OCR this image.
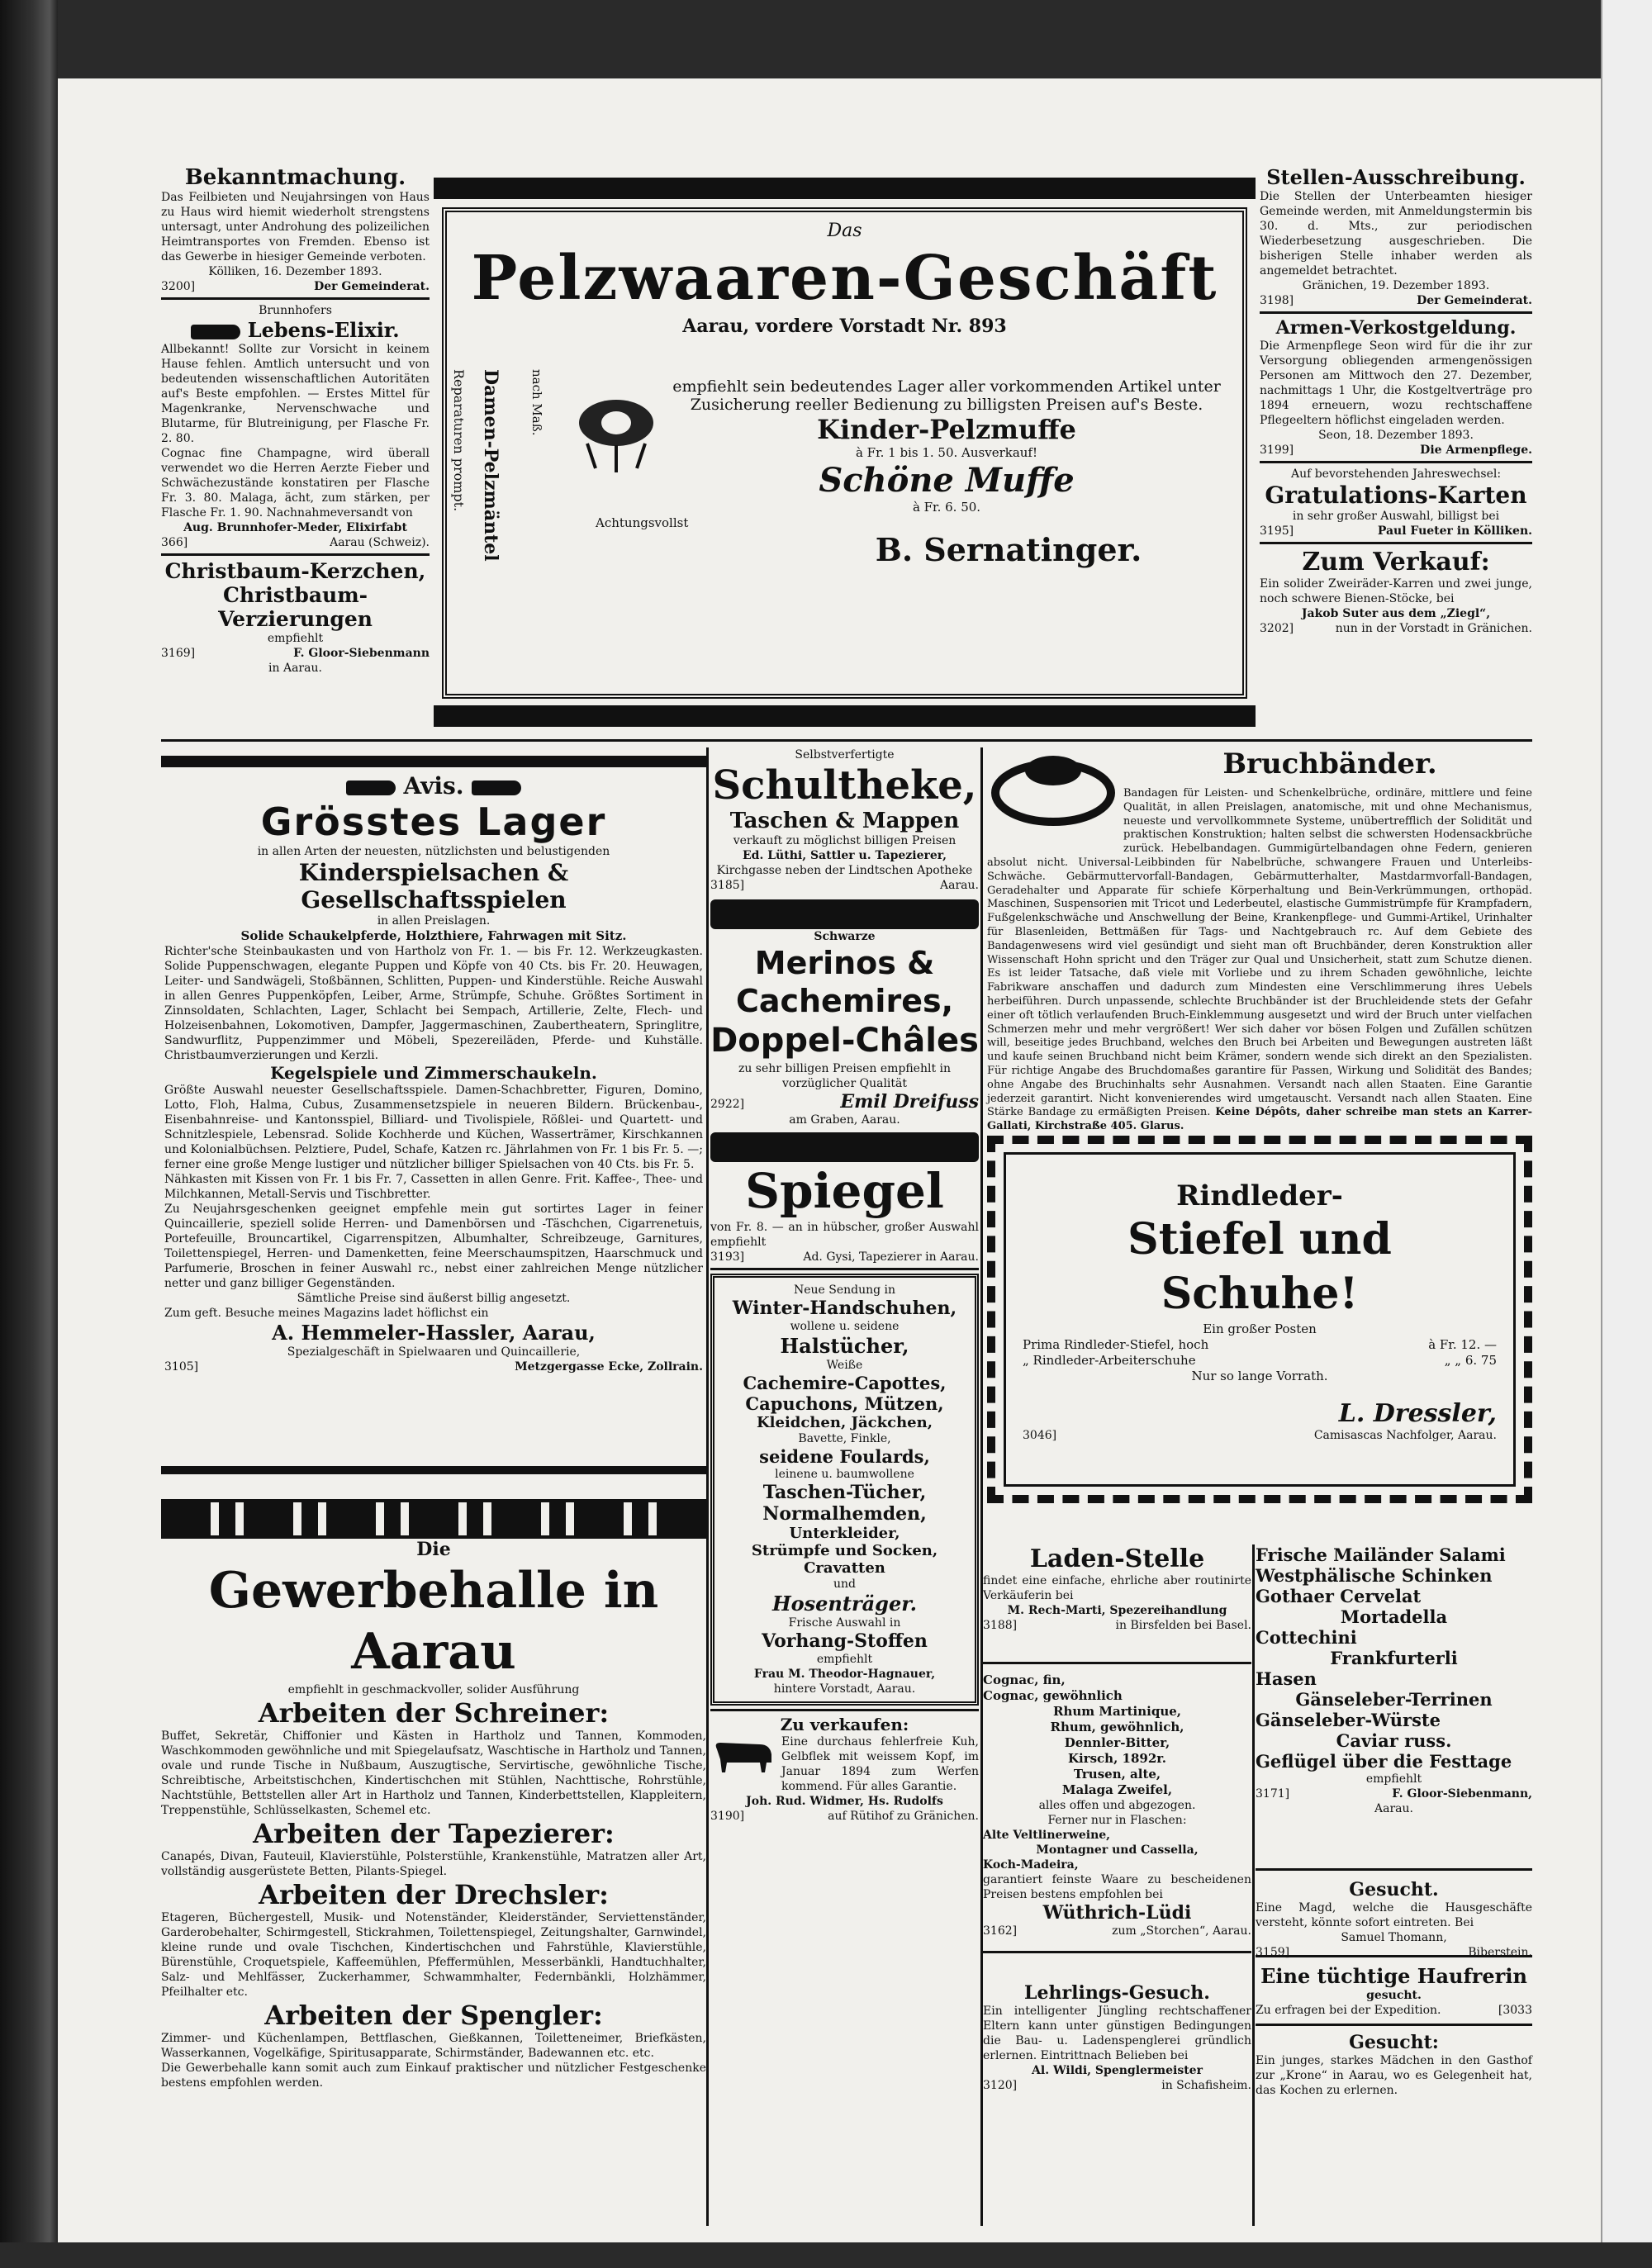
Bekanntmachung.
Das Feilbieten und Neujahrsingen von Haus zu Haus wird hiemit wiederholt strengstens untersagt, unter Androhung des polizeilichen Heimtransportes von Fremden. Ebenso ist das Gewerbe in hiesiger Gemeinde verboten.
Kölliken, 16. Dezember 1893.
3200]	Der Gemeinderat.
Brunnhofers
Lebens-Elixir.
Allbekannt! Sollte zur Vorsicht in keinem Hause fehlen. Amtlich untersucht und von bedeutenden wissenschaftlichen Autoritäten auf's Beste empfohlen. — Erstes Mittel für Magenkranke, Nervenschwache und Blutarme, für Blutreinigung, per Flasche Fr. 2. 80.
Cognac fine Champagne, wird überall verwendet wo die Herren Aerzte Fieber und Schwächezustände konstatiren per Flasche Fr. 3. 80. Malaga, ächt, zum stärken, per Flasche Fr. 1. 90. Nachnahmeversandt von
Aug. Brunnhofer-Meder, Elixirfabt
366]	Aarau (Schweiz).
Christbaum-Kerzchen,
Christbaum-Verzierungen
empfiehlt
3169]	F. Gloor-Siebenmann
in Aarau.
Das
Pelzwaaren-Geschäft
Aarau, vordere Vorstadt Nr. 893
Damen-Pelzmäntel
Reparaturen prompt.	nach Maß.	empfiehlt sein bedeutendes Lager aller vorkommenden Artikel unter Zusicherung reeller Bedienung zu billigsten Preisen auf's Beste.
Kinder-Pelzmuffe
à Fr. 1 bis 1. 50. Ausverkauf!
Schöne Muffe
à Fr. 6. 50.
Achtungsvollst
B. Sernatinger.
Stellen-Ausschreibung.
Die Stellen der Unterbeamten hiesiger Gemeinde werden, mit Anmeldungstermin bis 30. d. Mts., zur periodischen Wiederbesetzung ausgeschrieben. Die bisherigen Stelle inhaber werden als angemeldet betrachtet.
Gränichen, 19. Dezember 1893.
3198]	Der Gemeinderat.
Armen-Verkostgeldung.
Die Armenpflege Seon wird für die ihr zur Versorgung obliegenden armengenössigen Personen am Mittwoch den 27. Dezember, nachmittags 1 Uhr, die Kostgeltverträge pro 1894 erneuern, wozu rechtschaffene Pflegeeltern höflichst eingeladen werden.
Seon, 18. Dezember 1893.
3199]	Die Armenpflege.
Auf bevorstehenden Jahreswechsel:
Gratulations-Karten
in sehr großer Auswahl, billigst bei
3195]	Paul Fueter in Kölliken.
Zum Verkauf:
Ein solider Zweiräder-Karren und zwei junge, noch schwere Bienen-Stöcke, bei
Jakob Suter aus dem „Ziegl“,
3202]	nun in der Vorstadt in Gränichen.
Avis.
Grösstes Lager
in allen Arten der neuesten, nützlichsten und belustigenden
Kinderspielsachen & Gesellschaftsspielen
in allen Preislagen.
Solide Schaukelpferde, Holzthiere, Fahrwagen mit Sitz.
Richter'sche Steinbaukasten und von Hartholz von Fr. 1. — bis Fr. 12. Werkzeugkasten. Solide Puppenschwagen, elegante Puppen und Köpfe von 40 Cts. bis Fr. 20. Heuwagen, Leiter- und Sandwägeli, Stoßbännen, Schlitten, Puppen- und Kinderstühle. Reiche Auswahl in allen Genres Puppenköpfen, Leiber, Arme, Strümpfe, Schuhe. Größtes Sortiment in Zinnsoldaten, Schlachten, Lager, Schlacht bei Sempach, Artillerie, Zelte, Flech- und Holzeisenbahnen, Lokomotiven, Dampfer, Jaggermaschinen, Zaubertheatern, Springlitre, Sandwurflitz, Puppenzimmer und Möbeli, Spezereiläden, Pferde- und Kuhställe. Christbaumverzierungen und Kerzli.
Kegelspiele und Zimmerschaukeln.
Größte Auswahl neuester Gesellschaftsspiele. Damen-Schachbretter, Figuren, Domino, Lotto, Floh, Halma, Cubus, Zusammensetzspiele in neueren Bildern. Brückenbau-, Eisenbahnreise- und Kantonsspiel, Billiard- und Tivolispiele, Rößlei- und Quartett- und Schnitzlespiele, Lebensrad. Solide Kochherde und Küchen, Wasserträmer, Kirschkannen und Kolonialbüchsen. Pelztiere, Pudel, Schafe, Katzen rc. Jährlahmen von Fr. 1 bis Fr. 5. —; ferner eine große Menge lustiger und nützlicher billiger Spielsachen von 40 Cts. bis Fr. 5.
Nähkasten mit Kissen von Fr. 1 bis Fr. 7, Cassetten in allen Genre. Frit. Kaffee-, Thee- und Milchkannen, Metall-Servis und Tischbretter.
Zu Neujahrsgeschenken geeignet empfehle mein gut sortirtes Lager in feiner Quincaillerie, speziell solide Herren- und Damenbörsen und -Täschchen, Cigarrenetuis, Portefeuille, Brouncartikel, Cigarrenspitzen, Albumhalter, Schreibzeuge, Garnitures, Toilettenspiegel, Herren- und Damenketten, feine Meerschaumspitzen, Haarschmuck und Parfumerie, Broschen in feiner Auswahl rc., nebst einer zahlreichen Menge nützlicher netter und ganz billiger Gegenständen.
Sämtliche Preise sind äußerst billig angesetzt.
Zum geft. Besuche meines Magazins ladet höflichst ein
A. Hemmeler-Hassler, Aarau,
Spezialgeschäft in Spielwaaren und Quincaillerie,
3105]	Metzgergasse Ecke, Zollrain.
Die
Gewerbehalle in Aarau
empfiehlt in geschmackvoller, solider Ausführung
Arbeiten der Schreiner:
Buffet, Sekretär, Chiffonier und Kästen in Hartholz und Tannen, Kommoden, Waschkommoden gewöhnliche und mit Spiegelaufsatz, Waschtische in Hartholz und Tannen, ovale und runde Tische in Nußbaum, Auszugtische, Servirtische, gewöhnliche Tische, Schreibtische, Arbeitstischchen, Kindertischchen mit Stühlen, Nachttische, Rohrstühle, Nachtstühle, Bettstellen aller Art in Hartholz und Tannen, Kinderbettstellen, Klappleitern, Treppenstühle, Schlüsselkasten, Schemel etc.
Arbeiten der Tapezierer:
Canapés, Divan, Fauteuil, Klavierstühle, Polsterstühle, Krankenstühle, Matratzen aller Art, vollständig ausgerüstete Betten, Pilants-Spiegel.
Arbeiten der Drechsler:
Etageren, Büchergestell, Musik- und Notenständer, Kleiderständer, Serviettenständer, Garderobehalter, Schirmgestell, Stickrahmen, Toilettenspiegel, Zeitungshalter, Garnwindel, kleine runde und ovale Tischchen, Kindertischchen und Fahrstühle, Klavierstühle, Bürenstühle, Croquetspiele, Kaffeemühlen, Pfeffermühlen, Messerbänkli, Handtuchhalter, Salz- und Mehlfässer, Zuckerhammer, Schwammhalter, Federnbänkli, Holzhämmer, Pfeilhalter etc.
Arbeiten der Spengler:
Zimmer- und Küchenlampen, Bettflaschen, Gießkannen, Toiletteneimer, Briefkästen, Wasserkannen, Vogelkäfige, Spiritusapparate, Schirmständer, Badewannen etc. etc.
Die Gewerbehalle kann somit auch zum Einkauf praktischer und nützlicher Festgeschenke bestens empfohlen werden.
Selbstverfertigte
Schultheke,
Taschen & Mappen
verkauft zu möglichst billigen Preisen
Ed. Lüthi, Sattler u. Tapezierer,
Kirchgasse neben der Lindtschen Apotheke
3185]	Aarau.
Schwarze
Merinos & Cachemires,
Doppel-Châles
zu sehr billigen Preisen empfiehlt in vorzüglicher Qualität
2922]	Emil Dreifuss
am Graben, Aarau.
Spiegel
von Fr. 8. — an in hübscher, großer Auswahl empfiehlt
3193]	Ad. Gysi, Tapezierer in Aarau.
Neue Sendung in
Winter-Handschuhen,
wollene u. seidene
Halstücher,
Weiße
Cachemire-Capottes,
Capuchons, Mützen,
Kleidchen, Jäckchen,
Bavette, Finkle,
seidene Foulards,
leinene u. baumwollene
Taschen-Tücher,
Normalhemden,
Unterkleider,
Strümpfe und Socken,
Cravatten
und
Hosenträger.
Frische Auswahl in
Vorhang-Stoffen
empfiehlt
Frau M. Theodor-Hagnauer,
hintere Vorstadt, Aarau.
Zu verkaufen:
Eine durchaus fehlerfreie Kuh, Gelbflek mit weissem Kopf, im Januar 1894 zum Werfen kommend. Für alles Garantie.
Joh. Rud. Widmer, Hs. Rudolfs
3190]	auf Rütihof zu Gränichen.
Bruchbänder.
Bandagen für Leisten- und Schenkelbrüche, ordinäre, mittlere und feine Qualität, in allen Preislagen, anatomische, mit und ohne Mechanismus, neueste und vervollkommnete Systeme, unübertrefflich der Solidität und praktischen Konstruktion; halten selbst die schwersten Hodensackbrüche zurück. Hebelbandagen. Gummigürtelbandagen ohne Federn, genieren absolut nicht. Universal-Leibbinden für Nabelbrüche, schwangere Frauen und Unterleibs-Schwäche. Gebärmuttervorfall-Bandagen, Gebärmutterhalter, Mastdarmvorfall-Bandagen, Geradehalter und Apparate für schiefe Körperhaltung und Bein-Verkrümmungen, orthopäd. Maschinen, Suspensorien mit Tricot und Lederbeutel, elastische Gummistrümpfe für Krampfadern, Fußgelenkschwäche und Anschwellung der Beine, Krankenpflege- und Gummi-Artikel, Urinhalter für Blasenleiden, Bettmäßen für Tags- und Nachtgebrauch rc. Auf dem Gebiete des Bandagenwesens wird viel gesündigt und sieht man oft Bruchbänder, deren Konstruktion aller Wissenschaft Hohn spricht und den Träger zur Qual und Unsicherheit, statt zum Schutze dienen. Es ist leider Tatsache, daß viele mit Vorliebe und zu ihrem Schaden gewöhnliche, leichte Fabrikware anschaffen und dadurch zum Mindesten eine Verschlimmerung ihres Uebels herbeiführen. Durch unpassende, schlechte Bruchbänder ist der Bruchleidende stets der Gefahr einer oft tötlich verlaufenden Bruch-Einklemmung ausgesetzt und wird der Bruch unter vielfachen Schmerzen mehr und mehr vergrößert! Wer sich daher vor bösen Folgen und Zufällen schützen will, beseitige jedes Bruchband, welches den Bruch bei Arbeiten und Bewegungen austreten läßt und kaufe seinen Bruchband nicht beim Krämer, sondern wende sich direkt an den Spezialisten. Für richtige Angabe des Bruchdomaßes garantire für Passen, Wirkung und Solidität des Bandes; ohne Angabe des Bruchinhalts sehr Ausnahmen. Versandt nach allen Staaten. Eine Garantie jederzeit garantirt. Nicht konvenierendes wird umgetauscht. Versandt nach allen Staaten. Eine Stärke Bandage zu ermäßigten Preisen. Keine Dépôts, daher schreibe man stets an Karrer-Gallati, Kirchstraße 405. Glarus.
Rindleder-
Stiefel und Schuhe!
Ein großer Posten
Prima Rindleder-Stiefel, hoch	à Fr. 12. —
„ Rindleder-Arbeiterschuhe	„ „ 6. 75
Nur so lange Vorrath.
L. Dressler,
3046]	Camisascas Nachfolger, Aarau.
Laden-Stelle
findet eine einfache, ehrliche aber routinirte Verkäuferin bei
M. Rech-Marti, Spezereihandlung
3188]	in Birsfelden bei Basel.
Cognac, fin,
Cognac, gewöhnlich
Rhum Martinique,
Rhum, gewöhnlich,
Dennler-Bitter,
Kirsch, 1892r.
Trusen, alte,
Malaga Zweifel,
alles offen und abgezogen.
Ferner nur in Flaschen:
Alte Veltlinerweine,
Montagner und Cassella,
Koch-Madeira,
garantiert feinste Waare zu bescheidenen Preisen bestens empfohlen bei
Wüthrich-Lüdi
3162]	zum „Storchen“, Aarau.
Lehrlings-Gesuch.
Ein intelligenter Jüngling rechtschaffener Eltern kann unter günstigen Bedingungen die Bau- u. Ladenspenglerei gründlich erlernen. Eintrittnach Belieben bei
Al. Wildi, Spenglermeister
3120]	in Schafisheim.
Frische Mailänder Salami
Westphälische Schinken
Gothaer Cervelat
Mortadella
Cottechini
Frankfurterli
Hasen
Gänseleber-Terrinen
Gänseleber-Würste
Caviar russ.
Geflügel über die Festtage
empfiehlt
3171]	F. Gloor-Siebenmann,
Aarau.
Gesucht.
Eine Magd, welche die Hausgeschäfte versteht, könnte sofort eintreten. Bei
Samuel Thomann,
3159]	Biberstein.
Eine tüchtige Haufrerin
gesucht.
Zu erfragen bei der Expedition.	[3033
Gesucht:
Ein junges, starkes Mädchen in den Gasthof zur „Krone“ in Aarau, wo es Gelegenheit hat, das Kochen zu erlernen.
